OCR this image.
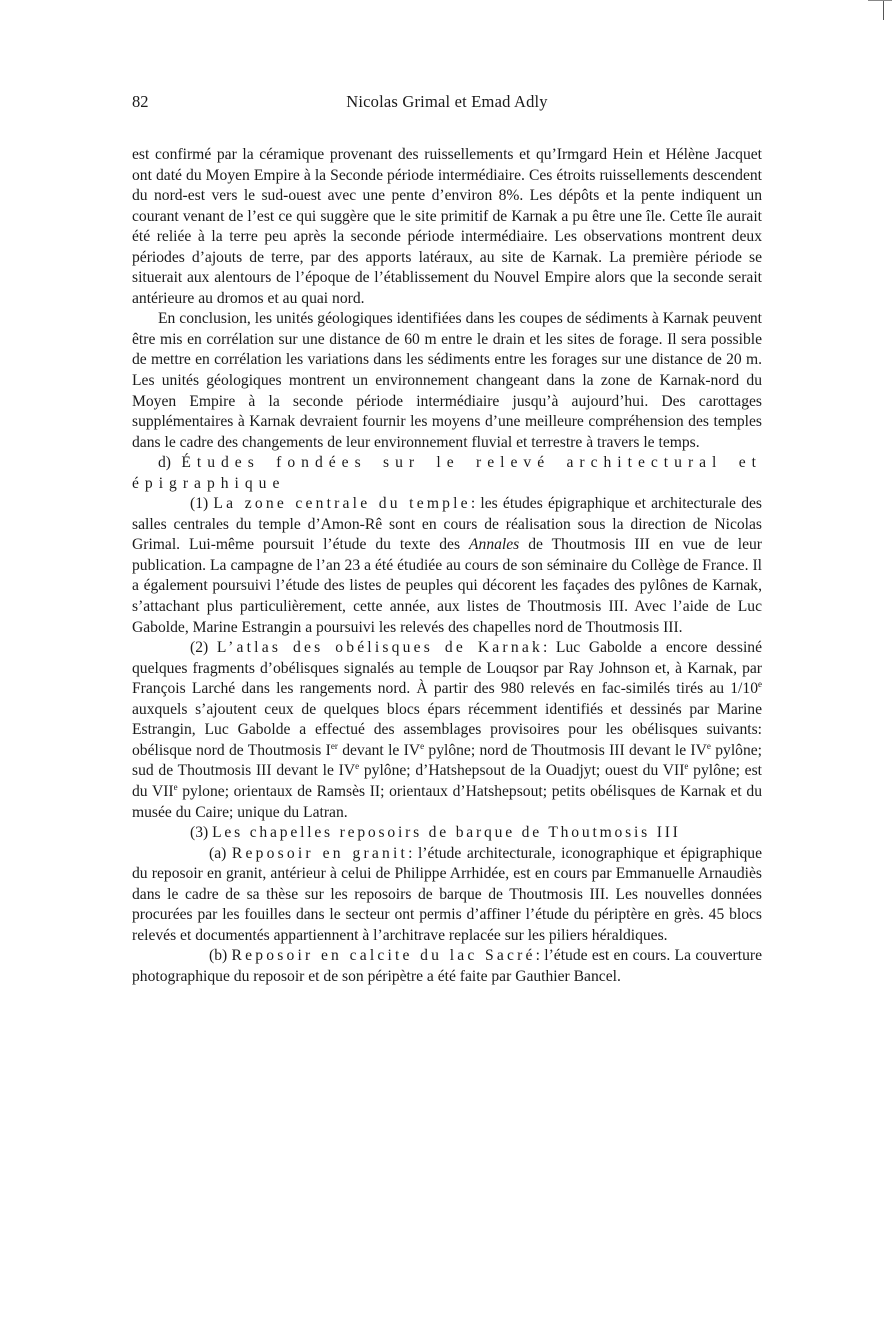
82	Nicolas Grimal et Emad Adly

est confirmé par la céramique provenant des ruissellements et qu’Irmgard Hein et Hélène Jacquet ont daté du Moyen Empire à la Seconde période intermédiaire. Ces étroits ruissellements descendent du nord-est vers le sud-ouest avec une pente d’environ 8%. Les dépôts et la pente indiquent un courant venant de l’est ce qui suggère que le site primitif de Karnak a pu être une île. Cette île aurait été reliée à la terre peu après la seconde période intermédiaire. Les observations montrent deux périodes d’ajouts de terre, par des apports latéraux, au site de Karnak. La première période se situerait aux alentours de l’époque de l’établissement du Nouvel Empire alors que la seconde serait antérieure au dromos et au quai nord.

En conclusion, les unités géologiques identifiées dans les coupes de sédiments à Karnak peuvent être mis en corrélation sur une distance de 60 m entre le drain et les sites de forage. Il sera possible de mettre en corrélation les variations dans les sédiments entre les forages sur une distance de 20 m. Les unités géologiques montrent un environnement changeant dans la zone de Karnak-nord du Moyen Empire à la seconde période intermédiaire jusqu’à aujourd’hui. Des carottages supplémentaires à Karnak devraient fournir les moyens d’une meilleure compréhension des temples dans le cadre des changements de leur environnement fluvial et terrestre à travers le temps.

d) Études fondées sur le relevé architectural et épigraphique

(1) La zone centrale du temple: les études épigraphique et architecturale des salles centrales du temple d’Amon-Rê sont en cours de réalisation sous la direction de Nicolas Grimal. Lui-même poursuit l’étude du texte des Annales de Thoutmosis III en vue de leur publication. La campagne de l’an 23 a été étudiée au cours de son séminaire du Collège de France. Il a également poursuivi l’étude des listes de peuples qui décorent les façades des pylônes de Karnak, s’attachant plus particulièrement, cette année, aux listes de Thoutmosis III. Avec l’aide de Luc Gabolde, Marine Estrangin a poursuivi les relevés des chapelles nord de Thoutmosis III.

(2) L’atlas des obélisques de Karnak: Luc Gabolde a encore dessiné quelques fragments d’obélisques signalés au temple de Louqsor par Ray Johnson et, à Karnak, par François Larché dans les rangements nord. À partir des 980 relevés en fac-similés tirés au 1/10e auxquels s’ajoutent ceux de quelques blocs épars récemment identifiés et dessinés par Marine Estrangin, Luc Gabolde a effectué des assemblages provisoires pour les obélisques suivants: obélisque nord de Thoutmosis Ier devant le IVe pylône; nord de Thoutmosis III devant le IVe pylône; sud de Thoutmosis III devant le IVe pylône; d’Hatshepsout de la Ouadjyt; ouest du VIIe pylône; est du VIIe pylone; orientaux de Ramsès II; orientaux d’Hatshepsout; petits obélisques de Karnak et du musée du Caire; unique du Latran.

(3) Les chapelles reposoirs de barque de Thoutmosis III

(a) Reposoir en granit: l’étude architecturale, iconographique et épigraphique du reposoir en granit, antérieur à celui de Philippe Arrhidée, est en cours par Emmanuelle Arnaudiès dans le cadre de sa thèse sur les reposoirs de barque de Thoutmosis III. Les nouvelles données procurées par les fouilles dans le secteur ont permis d’affiner l’étude du périptère en grès. 45 blocs relevés et documentés appartiennent à l’architrave replacée sur les piliers héraldiques.

(b) Reposoir en calcite du lac Sacré: l’étude est en cours. La couverture photographique du reposoir et de son péripètre a été faite par Gauthier Bancel.
